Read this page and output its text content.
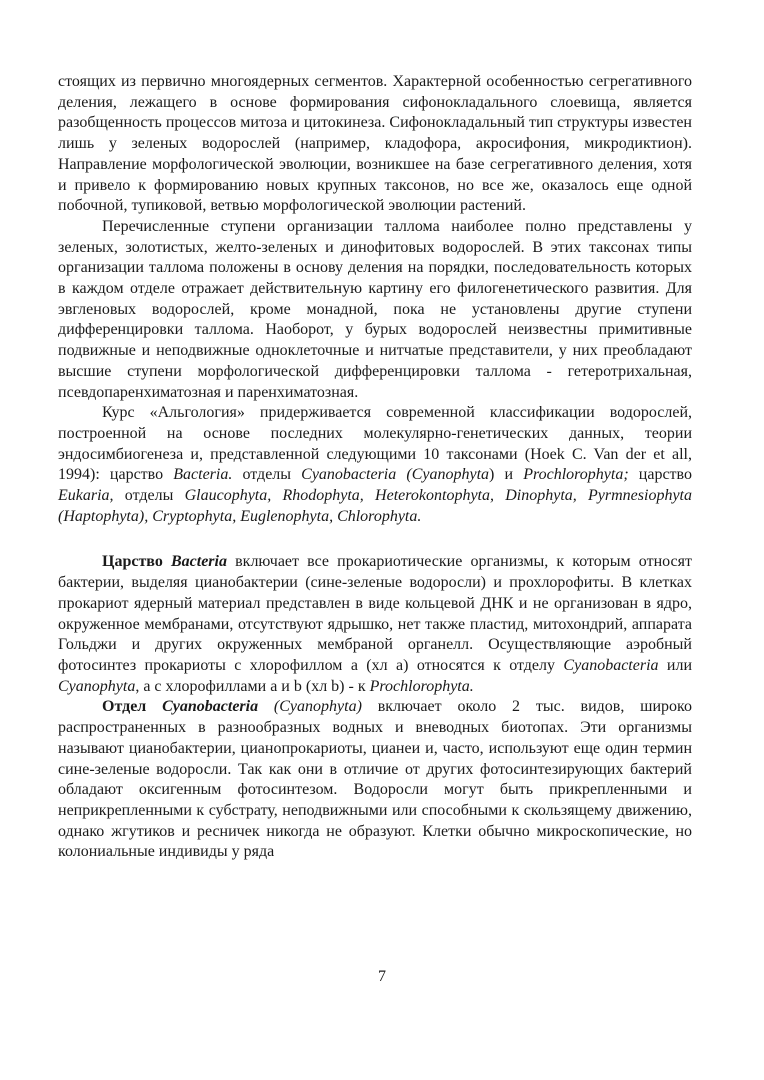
стоящих из первично многоядерных сегментов. Характерной особенностью сегрегативного деления, лежащего в основе формирования сифонокладального слоевища, является разобщенность процессов митоза и цитокинеза. Сифонокладальный тип структуры известен лишь у зеленых водорослей (например, кладофора, акросифония, микродиктион). Направление морфологической эволюции, возникшее на базе сегрегативного деления, хотя и привело к формированию новых крупных таксонов, но все же, оказалось еще одной побочной, тупиковой, ветвью морфологической эволюции растений.

Перечисленные ступени организации таллома наиболее полно представлены у зеленых, золотистых, желто-зеленых и динофитовых водорослей. В этих таксонах типы организации таллома положены в основу деления на порядки, последовательность которых в каждом отделе отражает действительную картину его филогенетического развития. Для эвгленовых водорослей, кроме монадной, пока не установлены другие ступени дифференцировки таллома. Наоборот, у бурых водорослей неизвестны примитивные подвижные и неподвижные одноклеточные и нитчатые представители, у них преобладают высшие ступени морфологической дифференцировки таллома - гетеротрихальная, псевдопаренхиматозная и паренхиматозная.

Курс «Альгология» придерживается современной классификации водорослей, построенной на основе последних молекулярно-генетических данных, теории эндосимбиогенеза и, представленной следующими 10 таксонами (Hoek C. Van der et all, 1994): царство Bacteria. отделы Cyanobacteria (Cyanophyta) и Prochlorophyta; царство Eukaria, отделы Glaucophyta, Rhodophyta, Heterokontophyta, Dinophyta, Pyrmnesiophyta (Haptophyta), Cryptophyta, Euglenophyta, Chlorophyta.

Царство Bacteria включает все прокариотические организмы, к которым относят бактерии, выделяя цианобактерии (сине-зеленые водоросли) и прохлорофиты. В клетках прокариот ядерный материал представлен в виде кольцевой ДНК и не организован в ядро, окруженное мембранами, отсутствуют ядрышко, нет также пластид, митохондрий, аппарата Гольджи и других окруженных мембраной органелл. Осуществляющие аэробный фотосинтез прокариоты с хлорофиллом a (хл a) относятся к отделу Cyanobacteria или Cyanophyta, a с хлорофиллами a и b (хл b) - к Prochlorophyta.

Отдел Cyanobacteria (Cyanophyta) включает около 2 тыс. видов, широко распространенных в разнообразных водных и вневодных биотопах. Эти организмы называют цианобактерии, цианопрокариоты, цианеи и, часто, используют еще один термин сине-зеленые водоросли. Так как они в отличие от других фотосинтезирующих бактерий обладают оксигенным фотосинтезом. Водоросли могут быть прикрепленными и неприкрепленными к субстрату, неподвижными или способными к скользящему движению, однако жгутиков и ресничек никогда не образуют. Клетки обычно микроскопические, но колониальные индивиды у ряда

7
